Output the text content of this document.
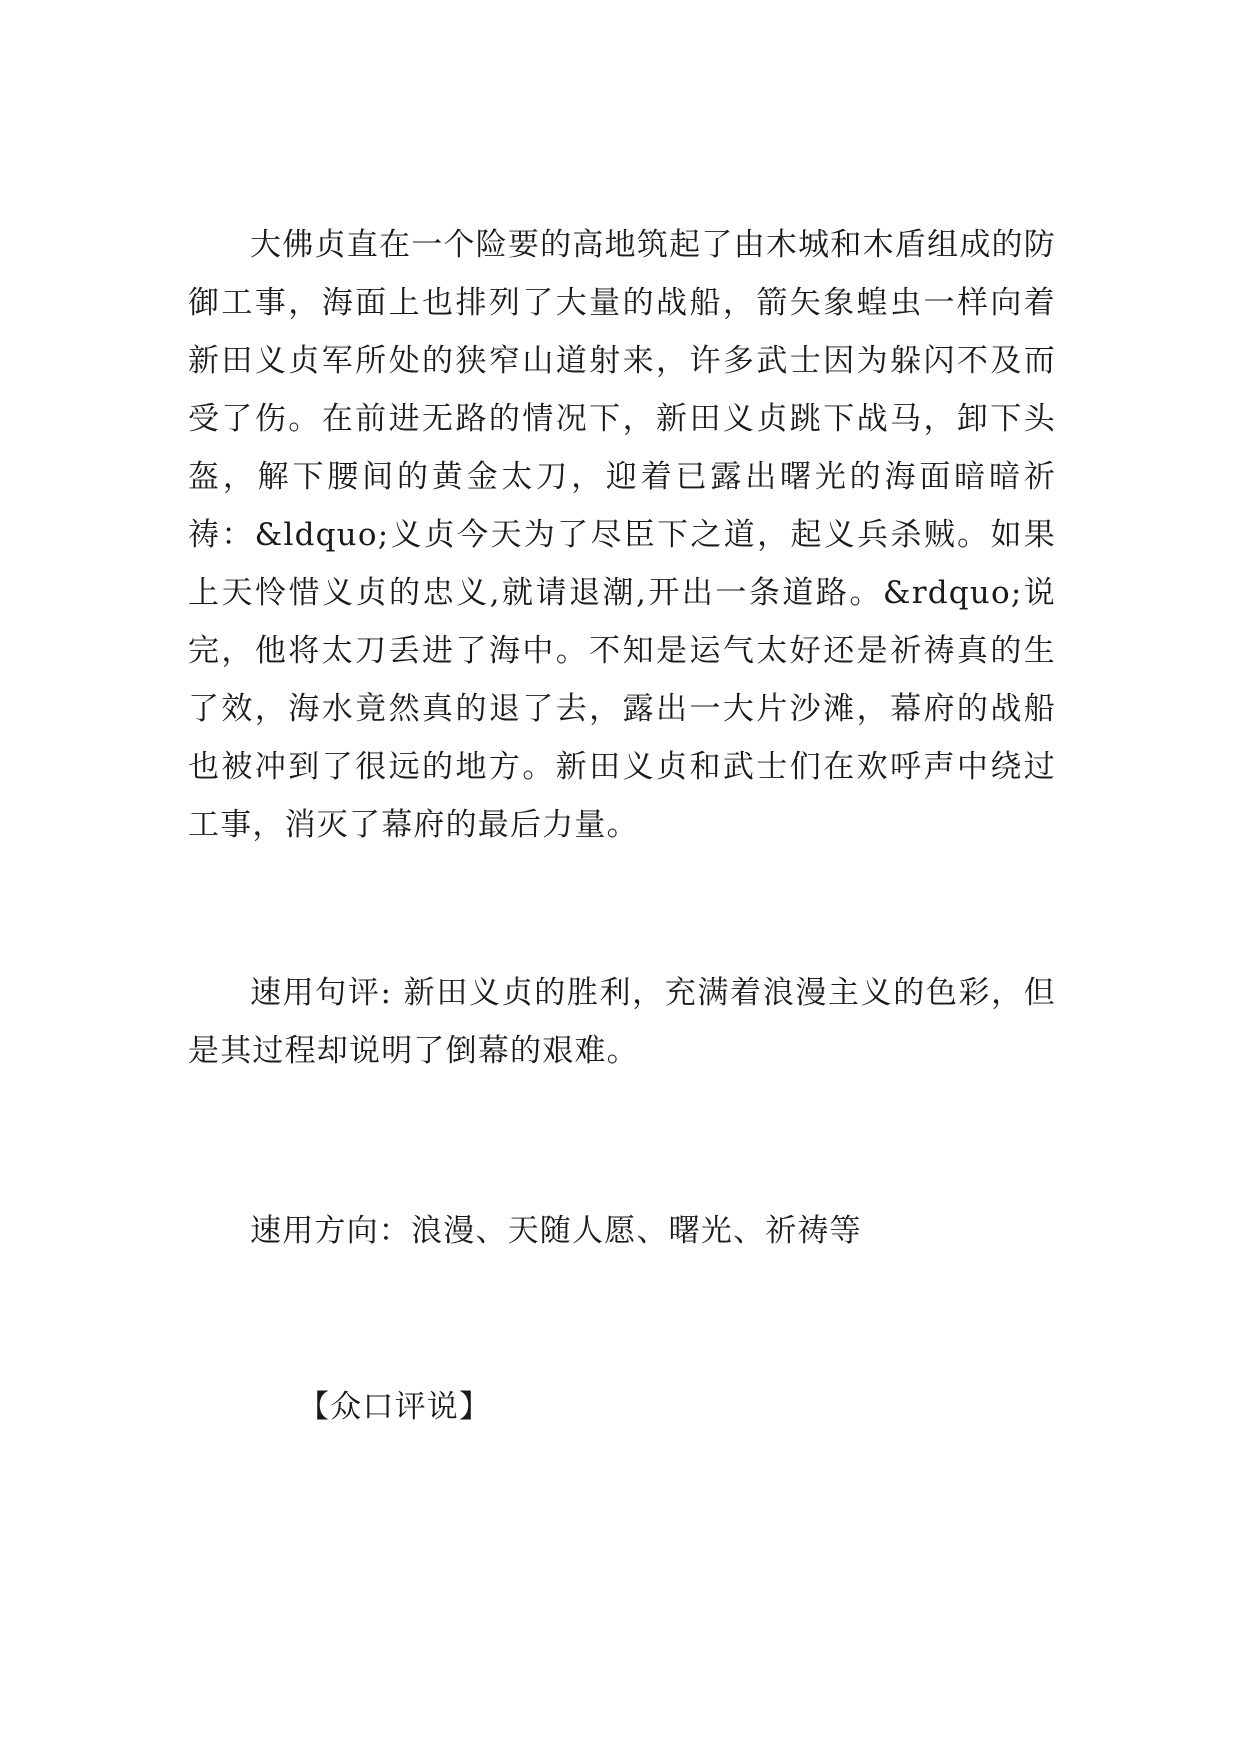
大佛贞直在一个险要的高地筑起了由木城和木盾组成的防御工事，海面上也排列了大量的战船，箭矢象蝗虫一样向着新田义贞军所处的狭窄山道射来，许多武士因为躲闪不及而受了伤。在前进无路的情况下，新田义贞跳下战马，卸下头盔，解下腰间的黄金太刀，迎着已露出曙光的海面暗暗祈祷：&ldquo;义贞今天为了尽臣下之道，起义兵杀贼。如果上天怜惜义贞的忠义,就请退潮,开出一条道路。&rdquo;说完，他将太刀丢进了海中。不知是运气太好还是祈祷真的生了效，海水竟然真的退了去，露出一大片沙滩，幕府的战船也被冲到了很远的地方。新田义贞和武士们在欢呼声中绕过工事，消灭了幕府的最后力量。

速用句评: 新田义贞的胜利，充满着浪漫主义的色彩，但是其过程却说明了倒幕的艰难。

速用方向：浪漫、天随人愿、曙光、祈祷等

【众口评说】
